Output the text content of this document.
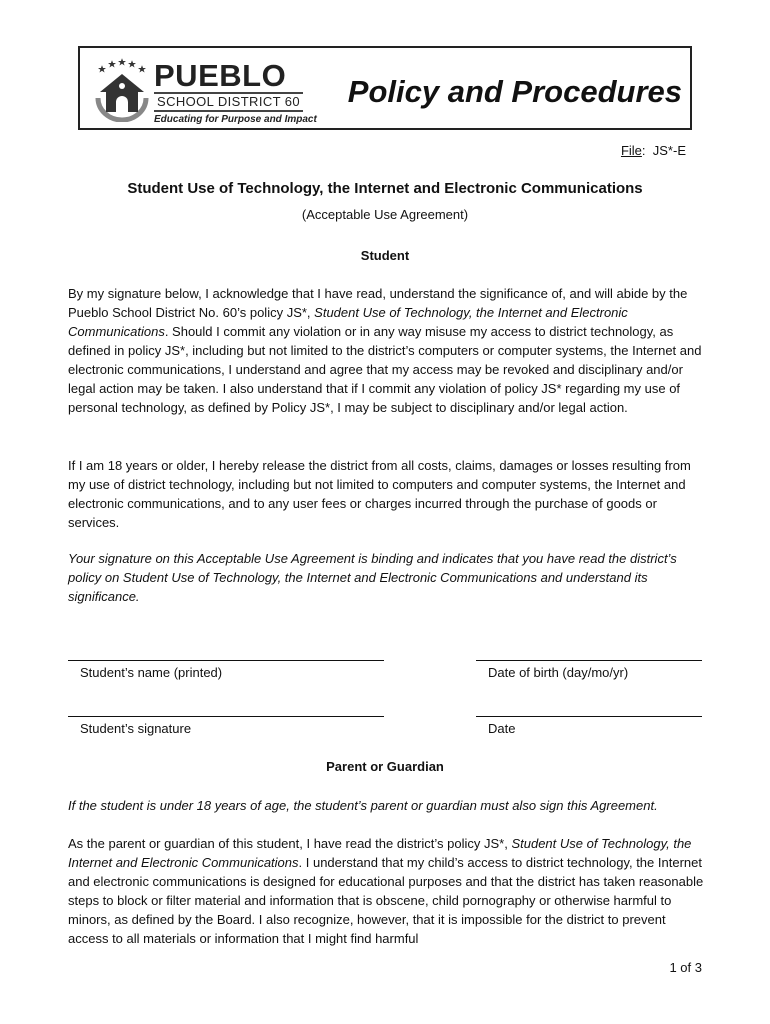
PUEBLO
SCHOOL DISTRICT 60
Educating for Purpose and Impact
Policy and Procedures
File:  JS*-E
Student Use of Technology, the Internet and Electronic Communications
(Acceptable Use Agreement)
Student

By my signature below, I acknowledge that I have read, understand the significance of, and will abide by the Pueblo School District No. 60’s policy JS*, Student Use of Technology, the Internet and Electronic Communications. Should I commit any violation or in any way misuse my access to district technology, as defined in policy JS*, including but not limited to the district’s computers or computer systems, the Internet and electronic communications, I understand and agree that my access may be revoked and disciplinary and/or legal action may be taken. I also understand that if I commit any violation of policy JS* regarding my use of personal technology, as defined by Policy JS*, I may be subject to disciplinary and/or legal action.

If I am 18 years or older, I hereby release the district from all costs, claims, damages or losses resulting from my use of district technology, including but not limited to computers and computer systems, the Internet and electronic communications, and to any user fees or charges incurred through the purchase of goods or services.

Your signature on this Acceptable Use Agreement is binding and indicates that you have read the district’s policy on Student Use of Technology, the Internet and Electronic Communications and understand its significance.

Student’s name (printed)	Date of birth (day/mo/yr)
Student’s signature	Date
Parent or Guardian

If the student is under 18 years of age, the student’s parent or guardian must also sign this Agreement.

As the parent or guardian of this student, I have read the district’s policy JS*, Student Use of Technology, the Internet and Electronic Communications. I understand that my child’s access to district technology, the Internet and electronic communications is designed for educational purposes and that the district has taken reasonable steps to block or filter material and information that is obscene, child pornography or otherwise harmful to minors, as defined by the Board. I also recognize, however, that it is impossible for the district to prevent access to all materials or information that I might find harmful

1 of 3
